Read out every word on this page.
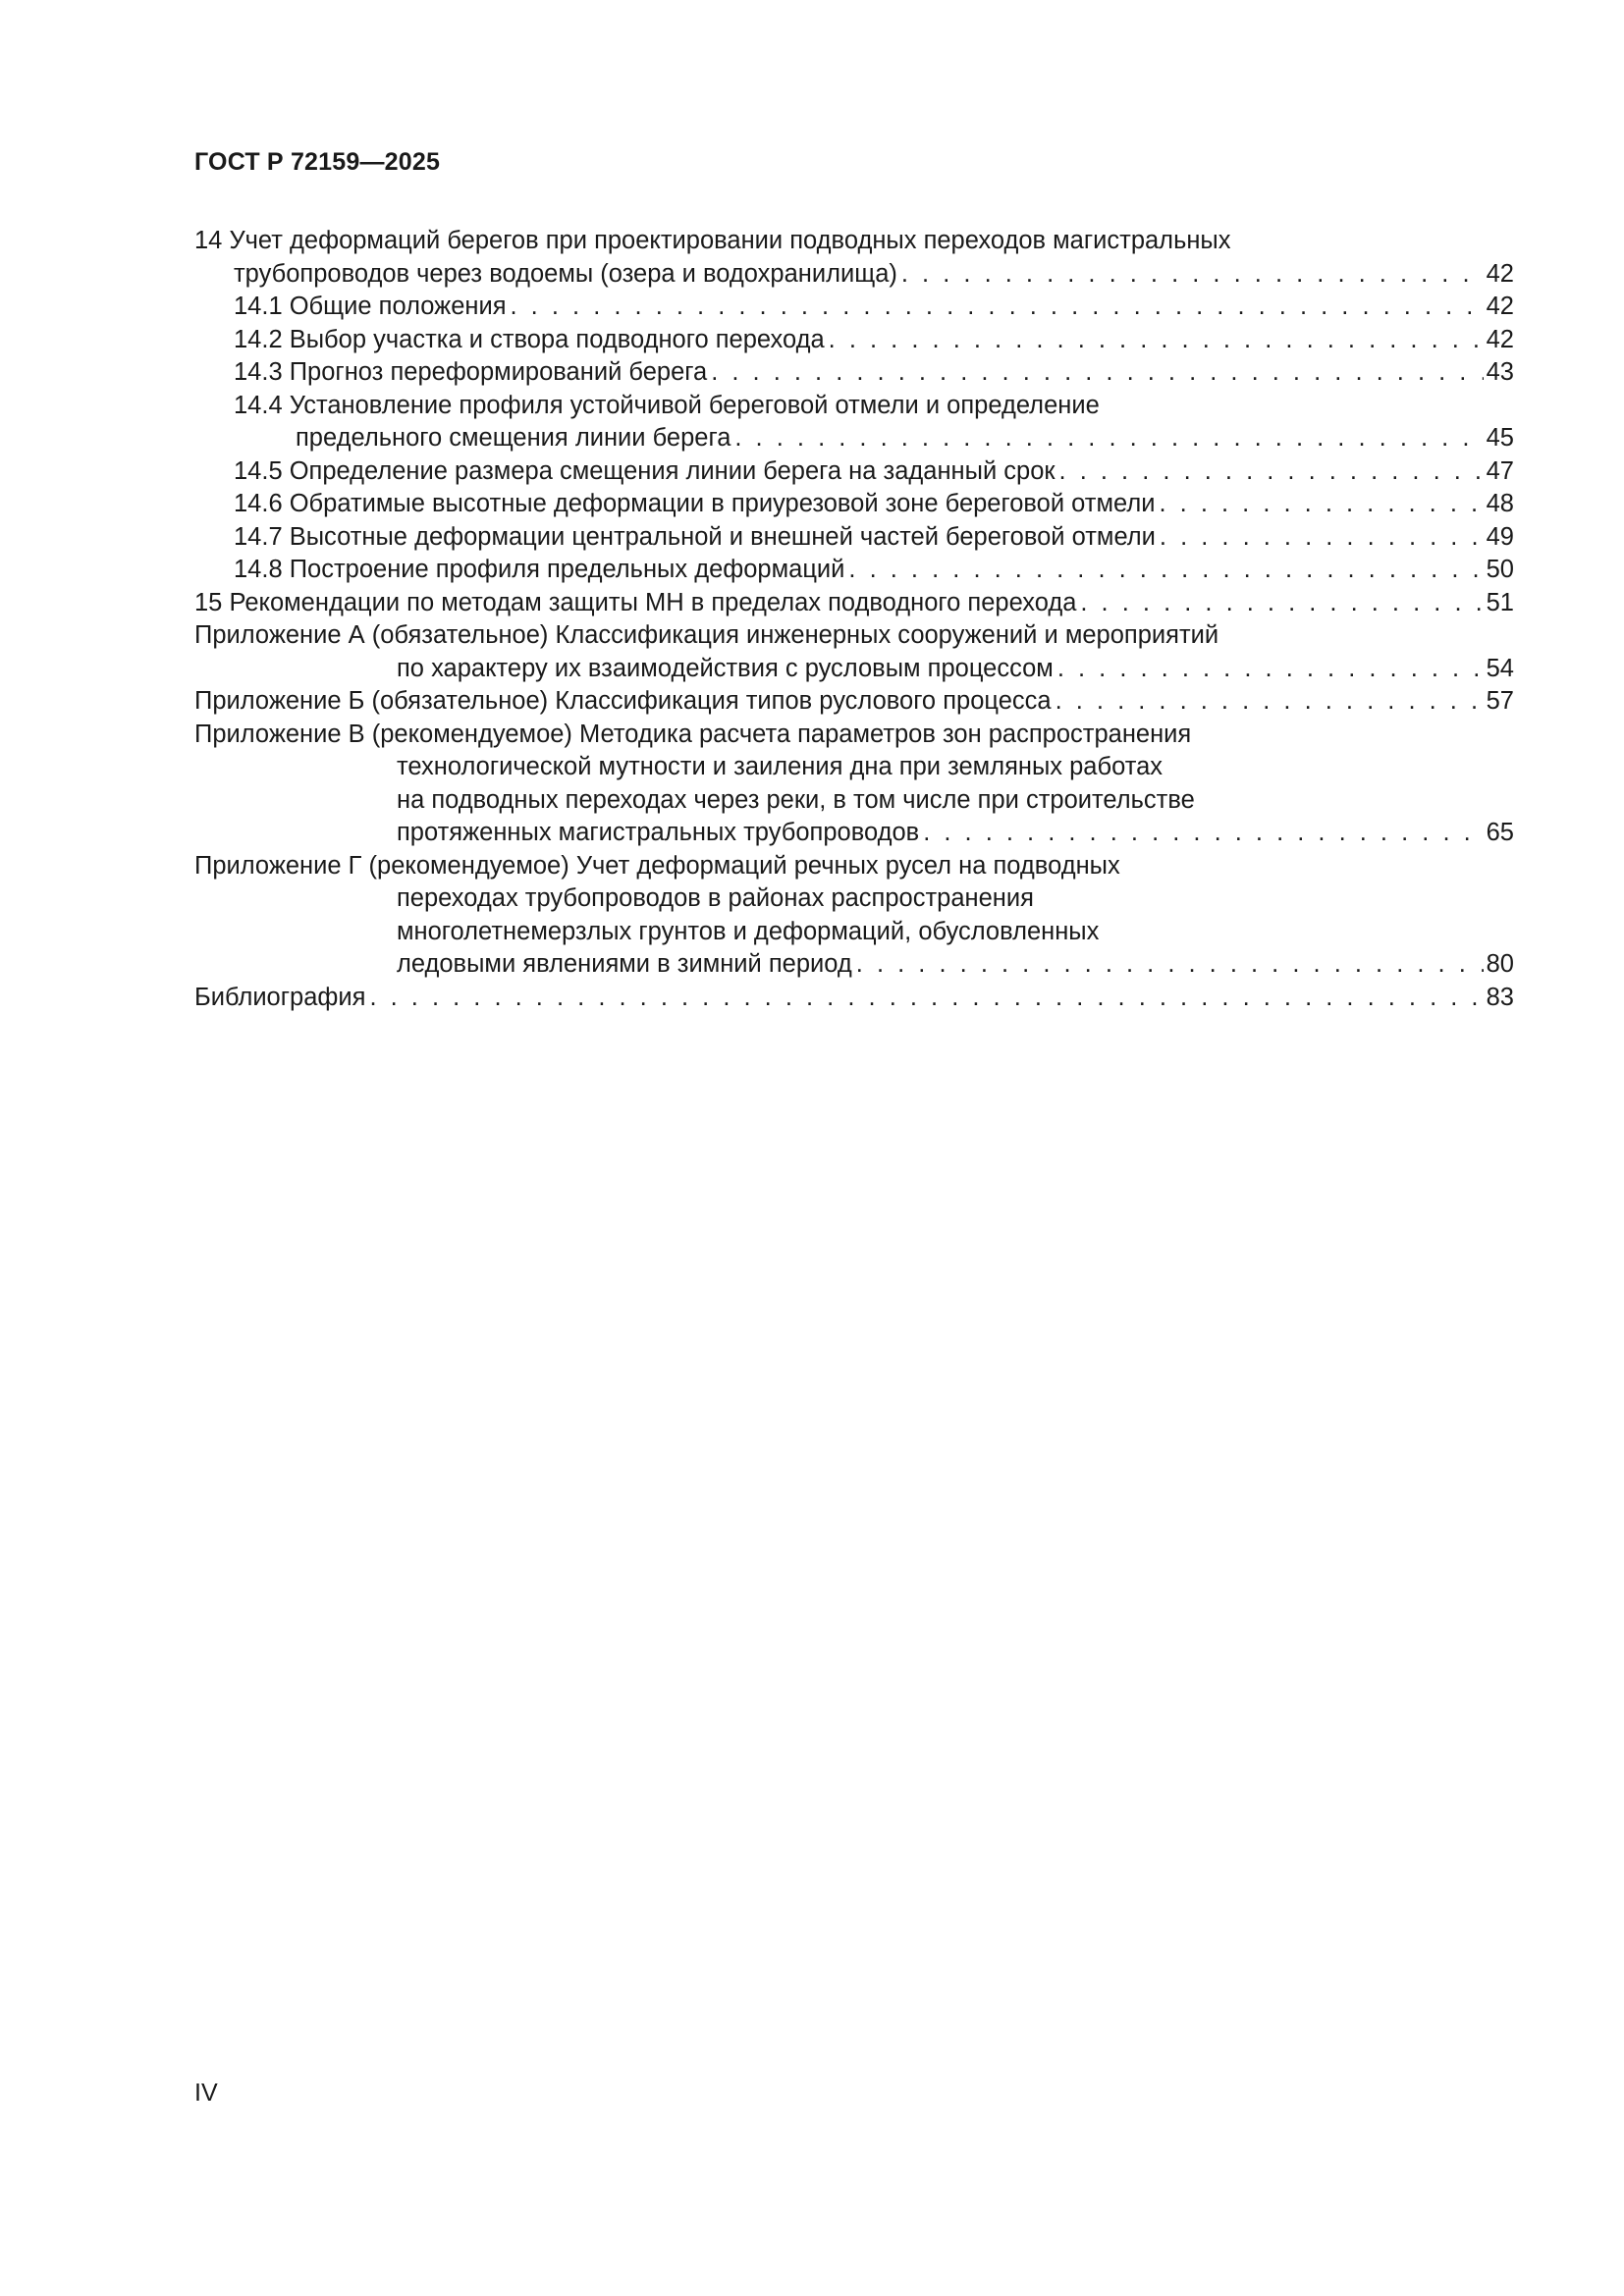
ГОСТ Р 72159—2025
14 Учет деформаций берегов при проектировании подводных переходов магистральных
трубопроводов через водоемы (озера и водохранилища) . . .	42
14.1 Общие положения . . .	42
14.2 Выбор участка и створа подводного перехода . . .	42
14.3 Прогноз переформирований берега . . .	43
14.4 Установление профиля устойчивой береговой отмели и определение
предельного смещения линии берега . . .	45
14.5 Определение размера смещения линии берега на заданный срок . . .	47
14.6 Обратимые высотные деформации в приурезовой зоне береговой отмели . . .	48
14.7 Высотные деформации центральной и внешней частей береговой отмели . . .	49
14.8 Построение профиля предельных деформаций . . .	50
15 Рекомендации по методам защиты МН в пределах подводного перехода . . .	51
Приложение А (обязательное) Классификация инженерных сооружений и мероприятий
по характеру их взаимодействия с русловым процессом . . .	54
Приложение Б (обязательное) Классификация типов руслового процесса . . .	57
Приложение В (рекомендуемое) Методика расчета параметров зон распространения
технологической мутности и заиления дна при земляных работах
на подводных переходах через реки, в том числе при строительстве
протяженных магистральных трубопроводов . . .	65
Приложение Г (рекомендуемое) Учет деформаций речных русел на подводных
переходах трубопроводов в районах распространения
многолетнемерзлых грунтов и деформаций, обусловленных
ледовыми явлениями в зимний период . . .	80
Библиография . . .	83
IV
